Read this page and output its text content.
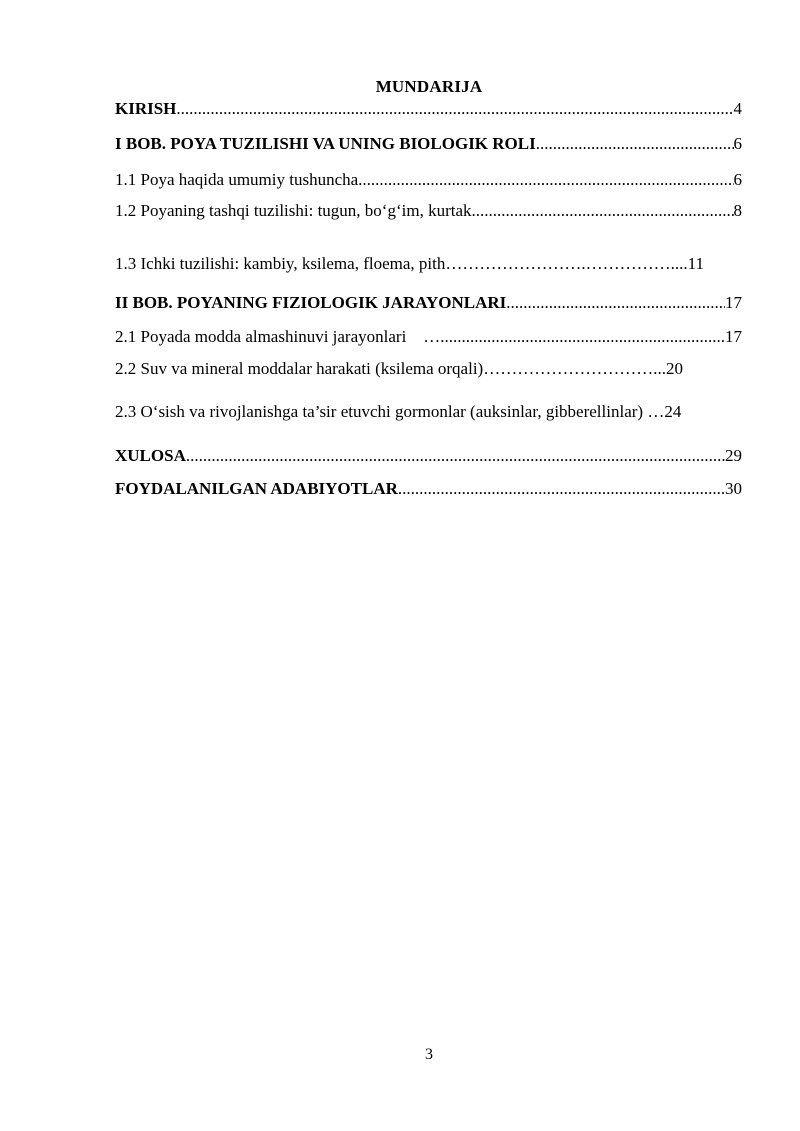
MUNDARIJA
KIRISH .....	4
I BOB. POYA TUZILISHI VA UNING BIOLOGIK ROLI .....	6
1.1 Poya haqida umumiy tushuncha .....	6
1.2 Poyaning tashqi tuzilishi: tugun, bo‘g‘im, kurtak .....	8
1.3 Ichki tuzilishi: kambiy, ksilema, floema, pith …………………….…………….... 11
II BOB. POYANING FIZIOLOGIK JARAYONLARI .....	17
2.1 Poyada modda almashinuvi jarayonlari    … .....	17
2.2 Suv va mineral moddalar harakati (ksilema orqali) …………………………... 20
2.3 O‘sish va rivojlanishga ta’sir etuvchi gormonlar (auksinlar, gibberellinlar) … 24
XULOSA .....	29
FOYDALANILGAN ADABIYOTLAR .....	30
3
